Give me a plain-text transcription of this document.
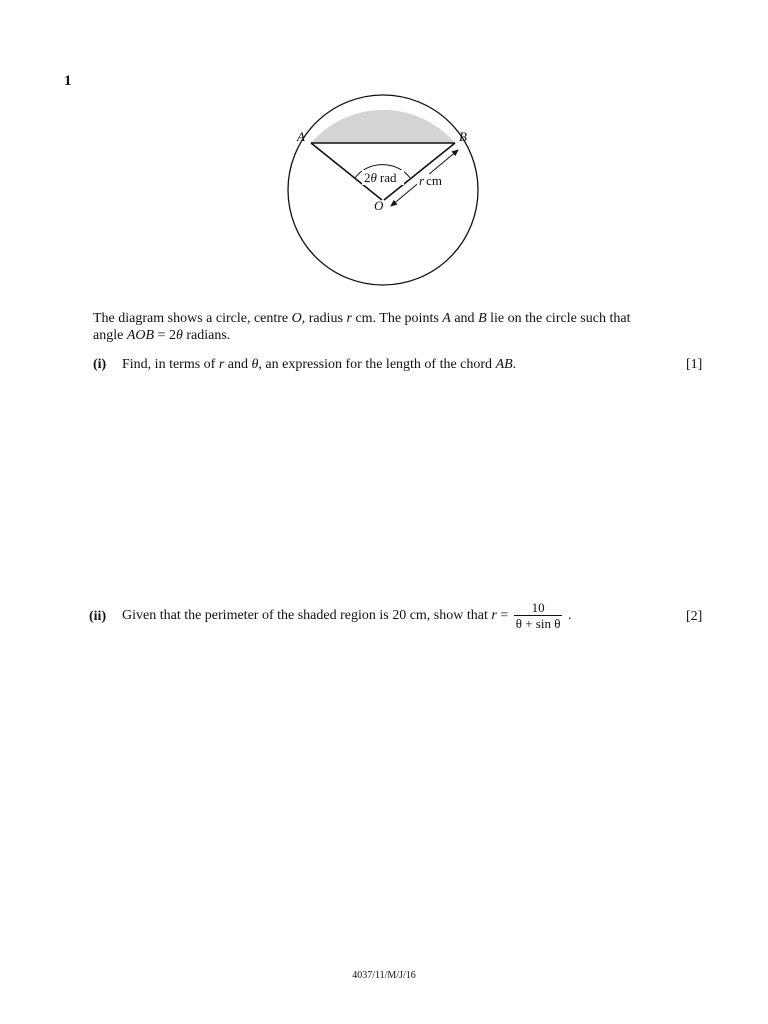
1
A	B
O
2θ rad r cm
The diagram shows a circle, centre O, radius r cm. The points A and B lie on the circle such that
angle AOB = 2θ radians.
(i) Find, in terms of r and θ, an expression for the length of the chord AB.	[1]
(ii) Given that the perimeter of the shaded region is 20 cm, show that $r = \frac{10}{\text{θ + sin θ}}$ .	[2]
4037/11/M/J/16
